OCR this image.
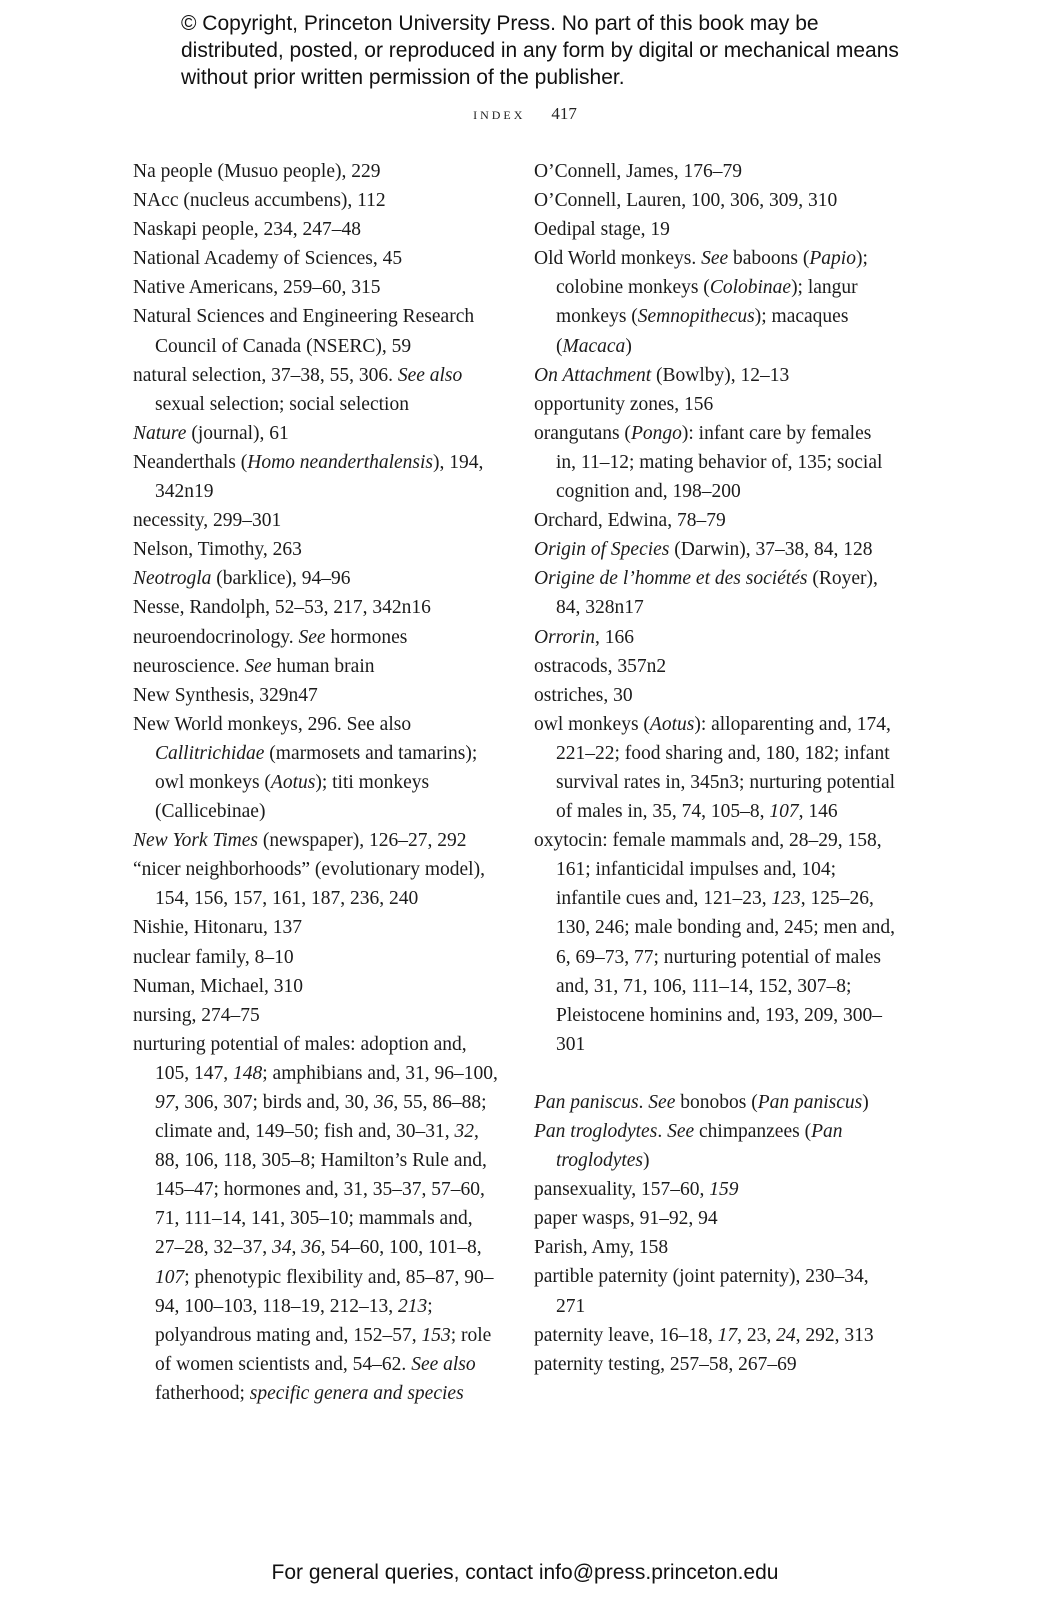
© Copyright, Princeton University Press. No part of this book may be distributed, posted, or reproduced in any form by digital or mechanical means without prior written permission of the publisher.
index 417
Na people (Musuo people), 229
NAcc (nucleus accumbens), 112
Naskapi people, 234, 247–48
National Academy of Sciences, 45
Native Americans, 259–60, 315
Natural Sciences and Engineering Research Council of Canada (NSERC), 59
natural selection, 37–38, 55, 306. See also sexual selection; social selection
Nature (journal), 61
Neanderthals (Homo neanderthalensis), 194, 342n19
necessity, 299–301
Nelson, Timothy, 263
Neotrogla (barklice), 94–96
Nesse, Randolph, 52–53, 217, 342n16
neuroendocrinology. See hormones
neuroscience. See human brain
New Synthesis, 329n47
New World monkeys, 296. See also Callitrichidae (marmosets and tamarins); owl monkeys (Aotus); titi monkeys (Callicebinae)
New York Times (newspaper), 126–27, 292
“nicer neighborhoods” (evolutionary model), 154, 156, 157, 161, 187, 236, 240
Nishie, Hitonaru, 137
nuclear family, 8–10
Numan, Michael, 310
nursing, 274–75
nurturing potential of males: adoption and, 105, 147, 148; amphibians and, 31, 96–100, 97, 306, 307; birds and, 30, 36, 55, 86–88; climate and, 149–50; fish and, 30–31, 32, 88, 106, 118, 305–8; Hamilton’s Rule and, 145–47; hormones and, 31, 35–37, 57–60, 71, 111–14, 141, 305–10; mammals and, 27–28, 32–37, 34, 36, 54–60, 100, 101–8, 107; phenotypic flexibility and, 85–87, 90–94, 100–103, 118–19, 212–13, 213; polyandrous mating and, 152–57, 153; role of women scientists and, 54–62. See also fatherhood; specific genera and species
O’Connell, James, 176–79
O’Connell, Lauren, 100, 306, 309, 310
Oedipal stage, 19
Old World monkeys. See baboons (Papio); colobine monkeys (Colobinae); langur monkeys (Semnopithecus); macaques (Macaca)
On Attachment (Bowlby), 12–13
opportunity zones, 156
orangutans (Pongo): infant care by females in, 11–12; mating behavior of, 135; social cognition and, 198–200
Orchard, Edwina, 78–79
Origin of Species (Darwin), 37–38, 84, 128
Origine de l’homme et des sociétés (Royer), 84, 328n17
Orrorin, 166
ostracods, 357n2
ostriches, 30
owl monkeys (Aotus): alloparenting and, 174, 221–22; food sharing and, 180, 182; infant survival rates in, 345n3; nurturing potential of males in, 35, 74, 105–8, 107, 146
oxytocin: female mammals and, 28–29, 158, 161; infanticidal impulses and, 104; infantile cues and, 121–23, 123, 125–26, 130, 246; male bonding and, 245; men and, 6, 69–73, 77; nurturing potential of males and, 31, 71, 106, 111–14, 152, 307–8; Pleistocene hominins and, 193, 209, 300–301
Pan paniscus. See bonobos (Pan paniscus)
Pan troglodytes. See chimpanzees (Pan troglodytes)
pansexuality, 157–60, 159
paper wasps, 91–92, 94
Parish, Amy, 158
partible paternity (joint paternity), 230–34, 271
paternity leave, 16–18, 17, 23, 24, 292, 313
paternity testing, 257–58, 267–69
For general queries, contact info@press.princeton.edu
